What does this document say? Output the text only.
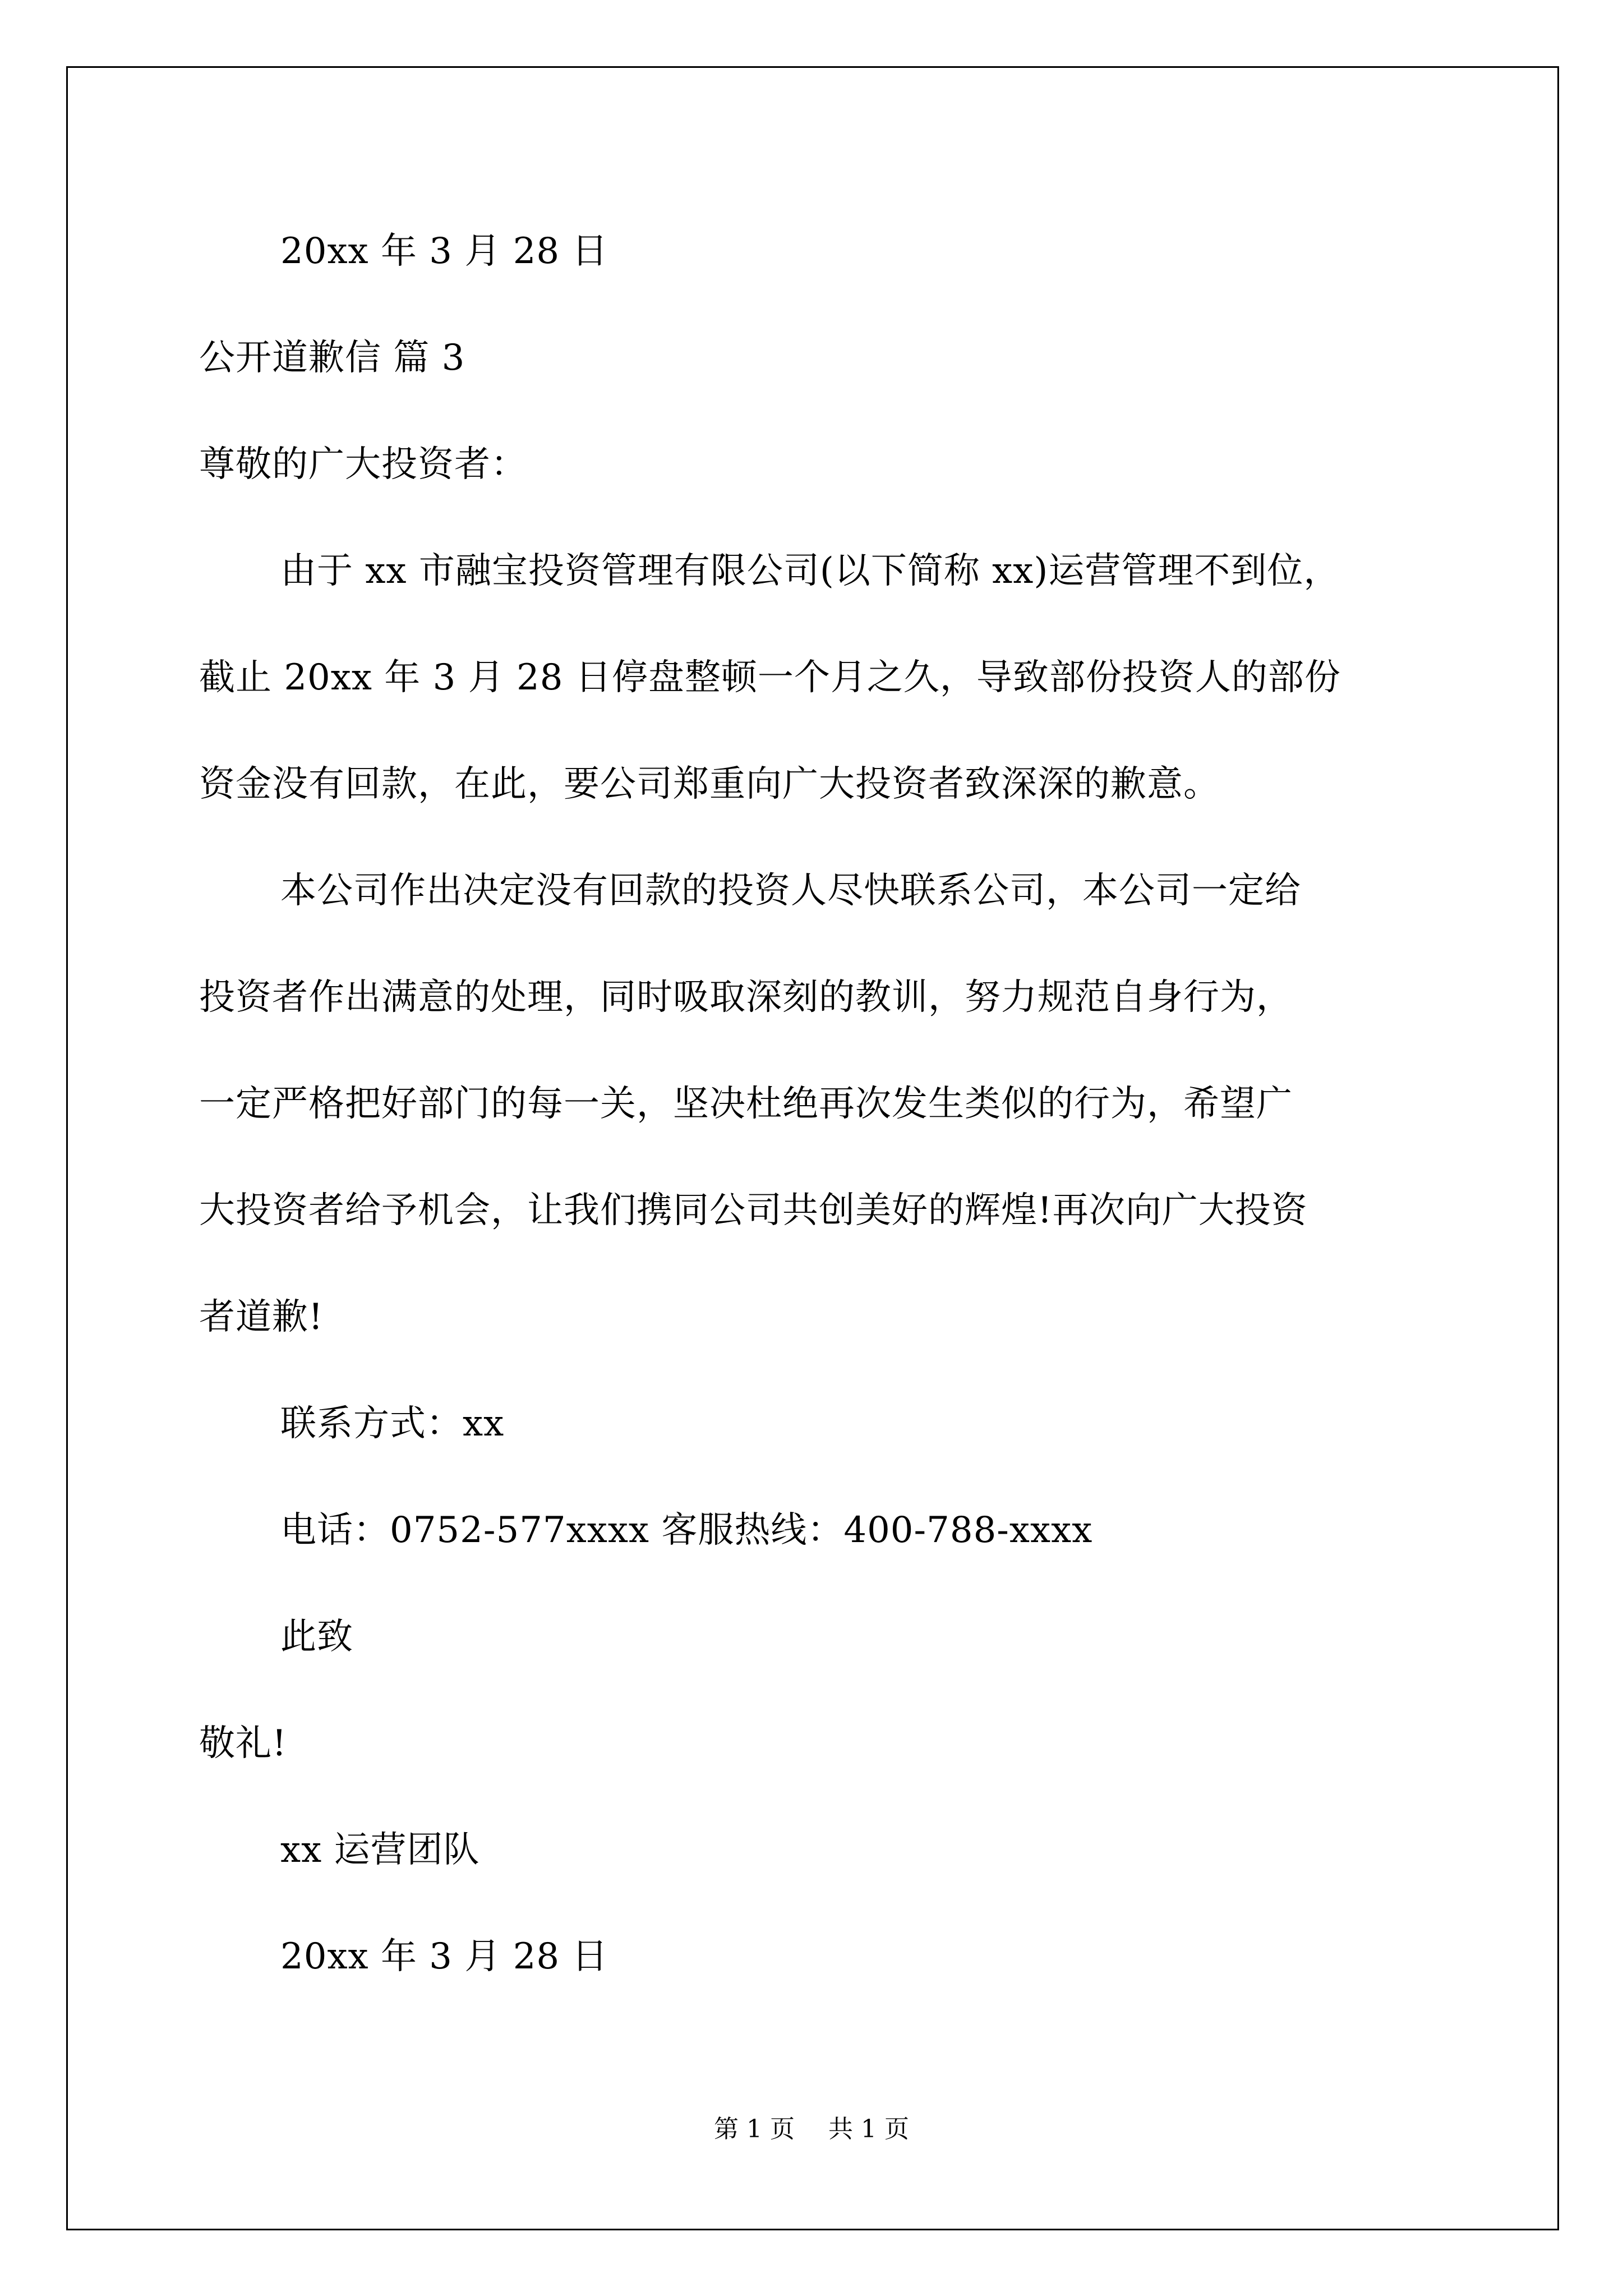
20xx 年 3 月 28 日
公开道歉信 篇 3
尊敬的广大投资者：
由于 xx 市融宝投资管理有限公司(以下简称 xx)运营管理不到位，
截止 20xx 年 3 月 28 日停盘整顿一个月之久，导致部份投资人的部份
资金没有回款，在此，要公司郑重向广大投资者致深深的歉意。
本公司作出决定没有回款的投资人尽快联系公司，本公司一定给
投资者作出满意的处理，同时吸取深刻的教训，努力规范自身行为，
一定严格把好部门的每一关，坚决杜绝再次发生类似的行为，希望广
大投资者给予机会，让我们携同公司共创美好的辉煌!再次向广大投资
者道歉!
联系方式：xx
电话：0752-577xxxx 客服热线：400-788-xxxx
此致
敬礼!
xx 运营团队
20xx 年 3 月 28 日
第 1 页 共 1 页
